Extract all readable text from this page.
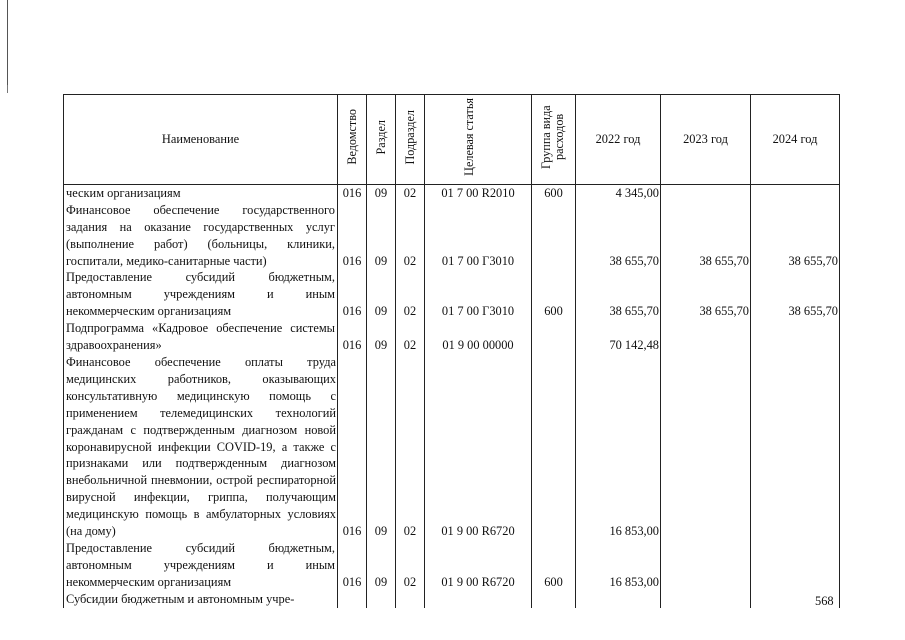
Наименование	Ведомство	Раздел	Подраздел	Целевая статья	Группа вида расходов	2022 год	2023 год	2024 год
ческим организациям	016	09	02	01 7 00 R2010	600	4 345,00		
Финансовое обеспечение государственного задания на оказание государственных услуг (выполнение работ) (больницы, клиники, госпитали, медико-санитарные части)	016	09	02	01 7 00 Г3010		38 655,70	38 655,70	38 655,70
Предоставление субсидий бюджетным, автономным учреждениям и иным некоммерческим организациям	016	09	02	01 7 00 Г3010	600	38 655,70	38 655,70	38 655,70
Подпрограмма «Кадровое обеспечение системы здравоохранения»	016	09	02	01 9 00 00000		70 142,48		
Финансовое обеспечение оплаты труда медицинских работников, оказывающих консультативную медицинскую помощь с применением телемедицинских технологий гражданам с подтвержденным диагнозом новой коронавирусной инфекции COVID-19, а также с признаками или подтвержденным диагнозом внебольничной пневмонии, острой респираторной вирусной инфекции, гриппа, получающим медицинскую помощь в амбулаторных условиях (на дому)	016	09	02	01 9 00 R6720		16 853,00		
Предоставление субсидий бюджетным, автономным учреждениям и иным некоммерческим организациям	016	09	02	01 9 00 R6720	600	16 853,00		
Субсидии бюджетным и автономным учре-									568
